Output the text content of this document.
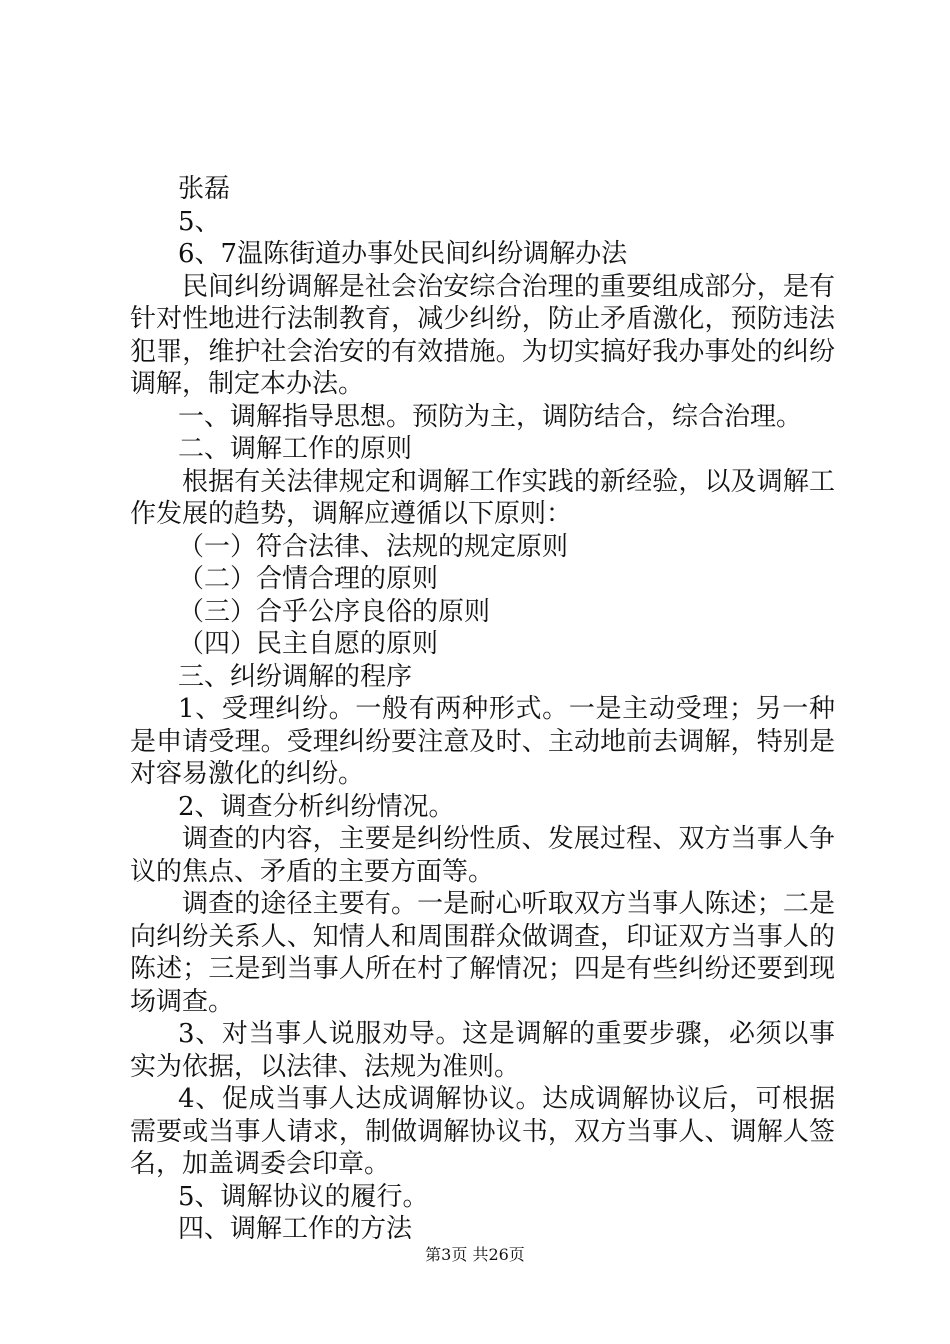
张磊

5、

6、7温陈街道办事处民间纠纷调解办法

民间纠纷调解是社会治安综合治理的重要组成部分，是有针对性地进行法制教育，减少纠纷，防止矛盾激化，预防违法犯罪，维护社会治安的有效措施。为切实搞好我办事处的纠纷调解，制定本办法。

一、调解指导思想。预防为主，调防结合，综合治理。

二、调解工作的原则

根据有关法律规定和调解工作实践的新经验，以及调解工作发展的趋势，调解应遵循以下原则：

（一）符合法律、法规的规定原则

（二）合情合理的原则

（三）合乎公序良俗的原则

（四）民主自愿的原则

三、纠纷调解的程序

1、受理纠纷。一般有两种形式。一是主动受理；另一种是申请受理。受理纠纷要注意及时、主动地前去调解，特别是对容易激化的纠纷。

2、调查分析纠纷情况。

调查的内容，主要是纠纷性质、发展过程、双方当事人争议的焦点、矛盾的主要方面等。

调查的途径主要有。一是耐心听取双方当事人陈述；二是向纠纷关系人、知情人和周围群众做调查，印证双方当事人的陈述；三是到当事人所在村了解情况；四是有些纠纷还要到现场调查。

3、对当事人说服劝导。这是调解的重要步骤，必须以事实为依据，以法律、法规为准则。

4、促成当事人达成调解协议。达成调解协议后，可根据需要或当事人请求，制做调解协议书，双方当事人、调解人签名，加盖调委会印章。

5、调解协议的履行。

四、调解工作的方法

第3页 共26页
